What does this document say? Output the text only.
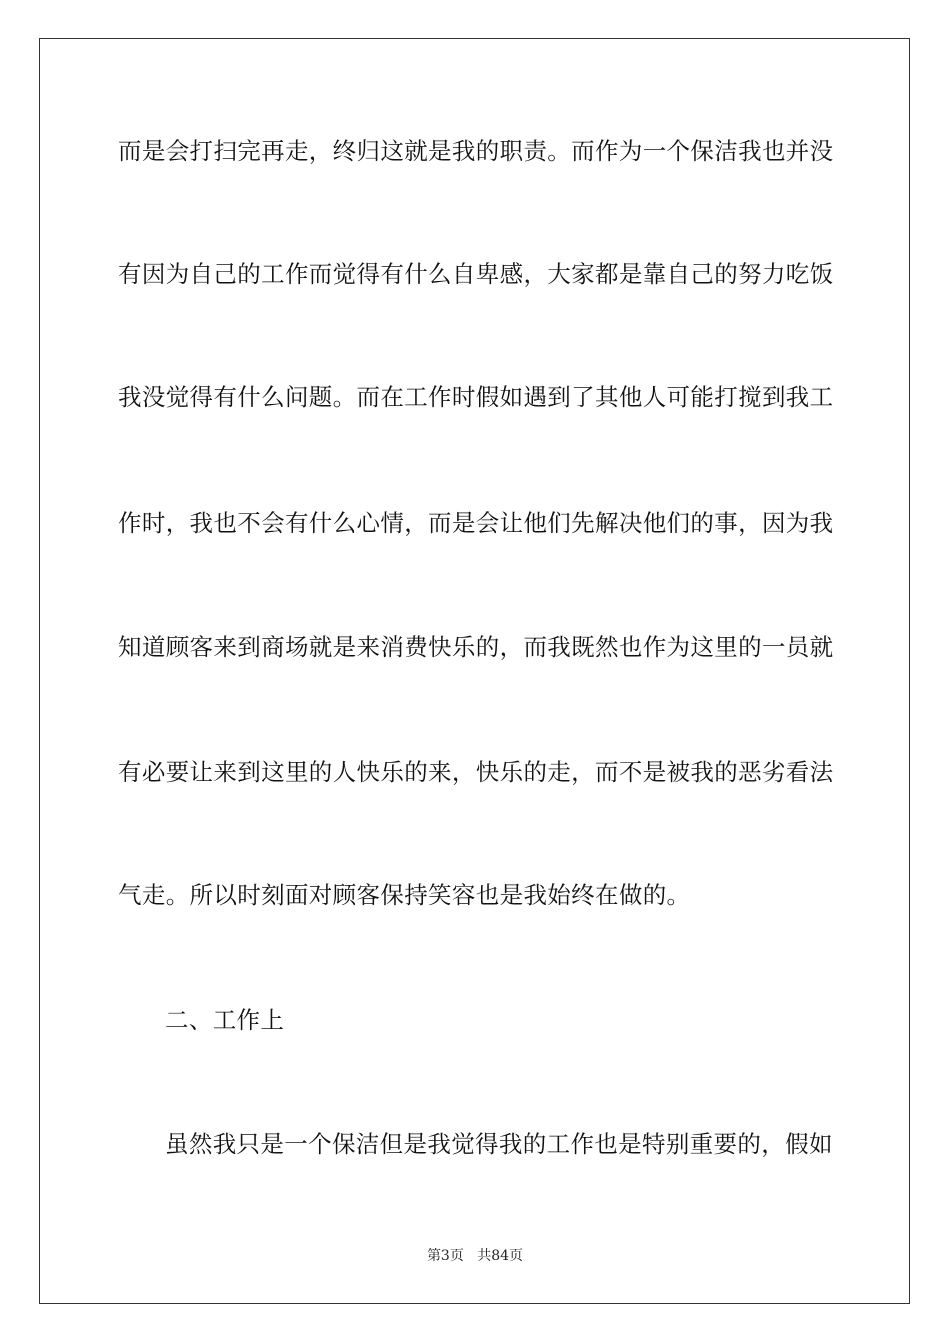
而是会打扫完再走，终归这就是我的职责。而作为一个保洁我也并没
有因为自己的工作而觉得有什么自卑感，大家都是靠自己的努力吃饭
我没觉得有什么问题。而在工作时假如遇到了其他人可能打搅到我工
作时，我也不会有什么心情，而是会让他们先解决他们的事，因为我
知道顾客来到商场就是来消费快乐的，而我既然也作为这里的一员就
有必要让来到这里的人快乐的来，快乐的走，而不是被我的恶劣看法
气走。所以时刻面对顾客保持笑容也是我始终在做的。
二、工作上
虽然我只是一个保洁但是我觉得我的工作也是特别重要的，假如
第3页 共84页
